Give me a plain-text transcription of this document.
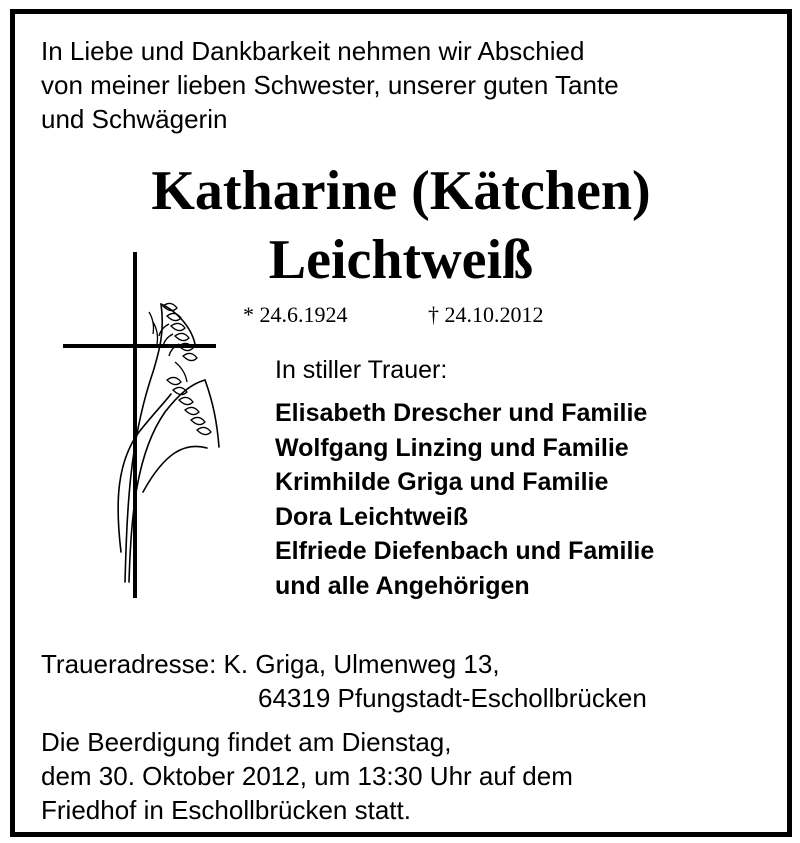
In Liebe und Dankbarkeit nehmen wir Abschied
von meiner lieben Schwester, unserer guten Tante
und Schwägerin
Katharine (Kätchen)
Leichtweiß
* 24.6.1924	† 24.10.2012
In stiller Trauer:
Elisabeth Drescher und Familie
Wolfgang Linzing und Familie
Krimhilde Griga und Familie
Dora Leichtweiß
Elfriede Diefenbach und Familie
und alle Angehörigen
Traueradresse: K. Griga, Ulmenweg 13,
64319 Pfungstadt-Eschollbrücken
Die Beerdigung findet am Dienstag,
dem 30. Oktober 2012, um 13:30 Uhr auf dem
Friedhof in Eschollbrücken statt.
